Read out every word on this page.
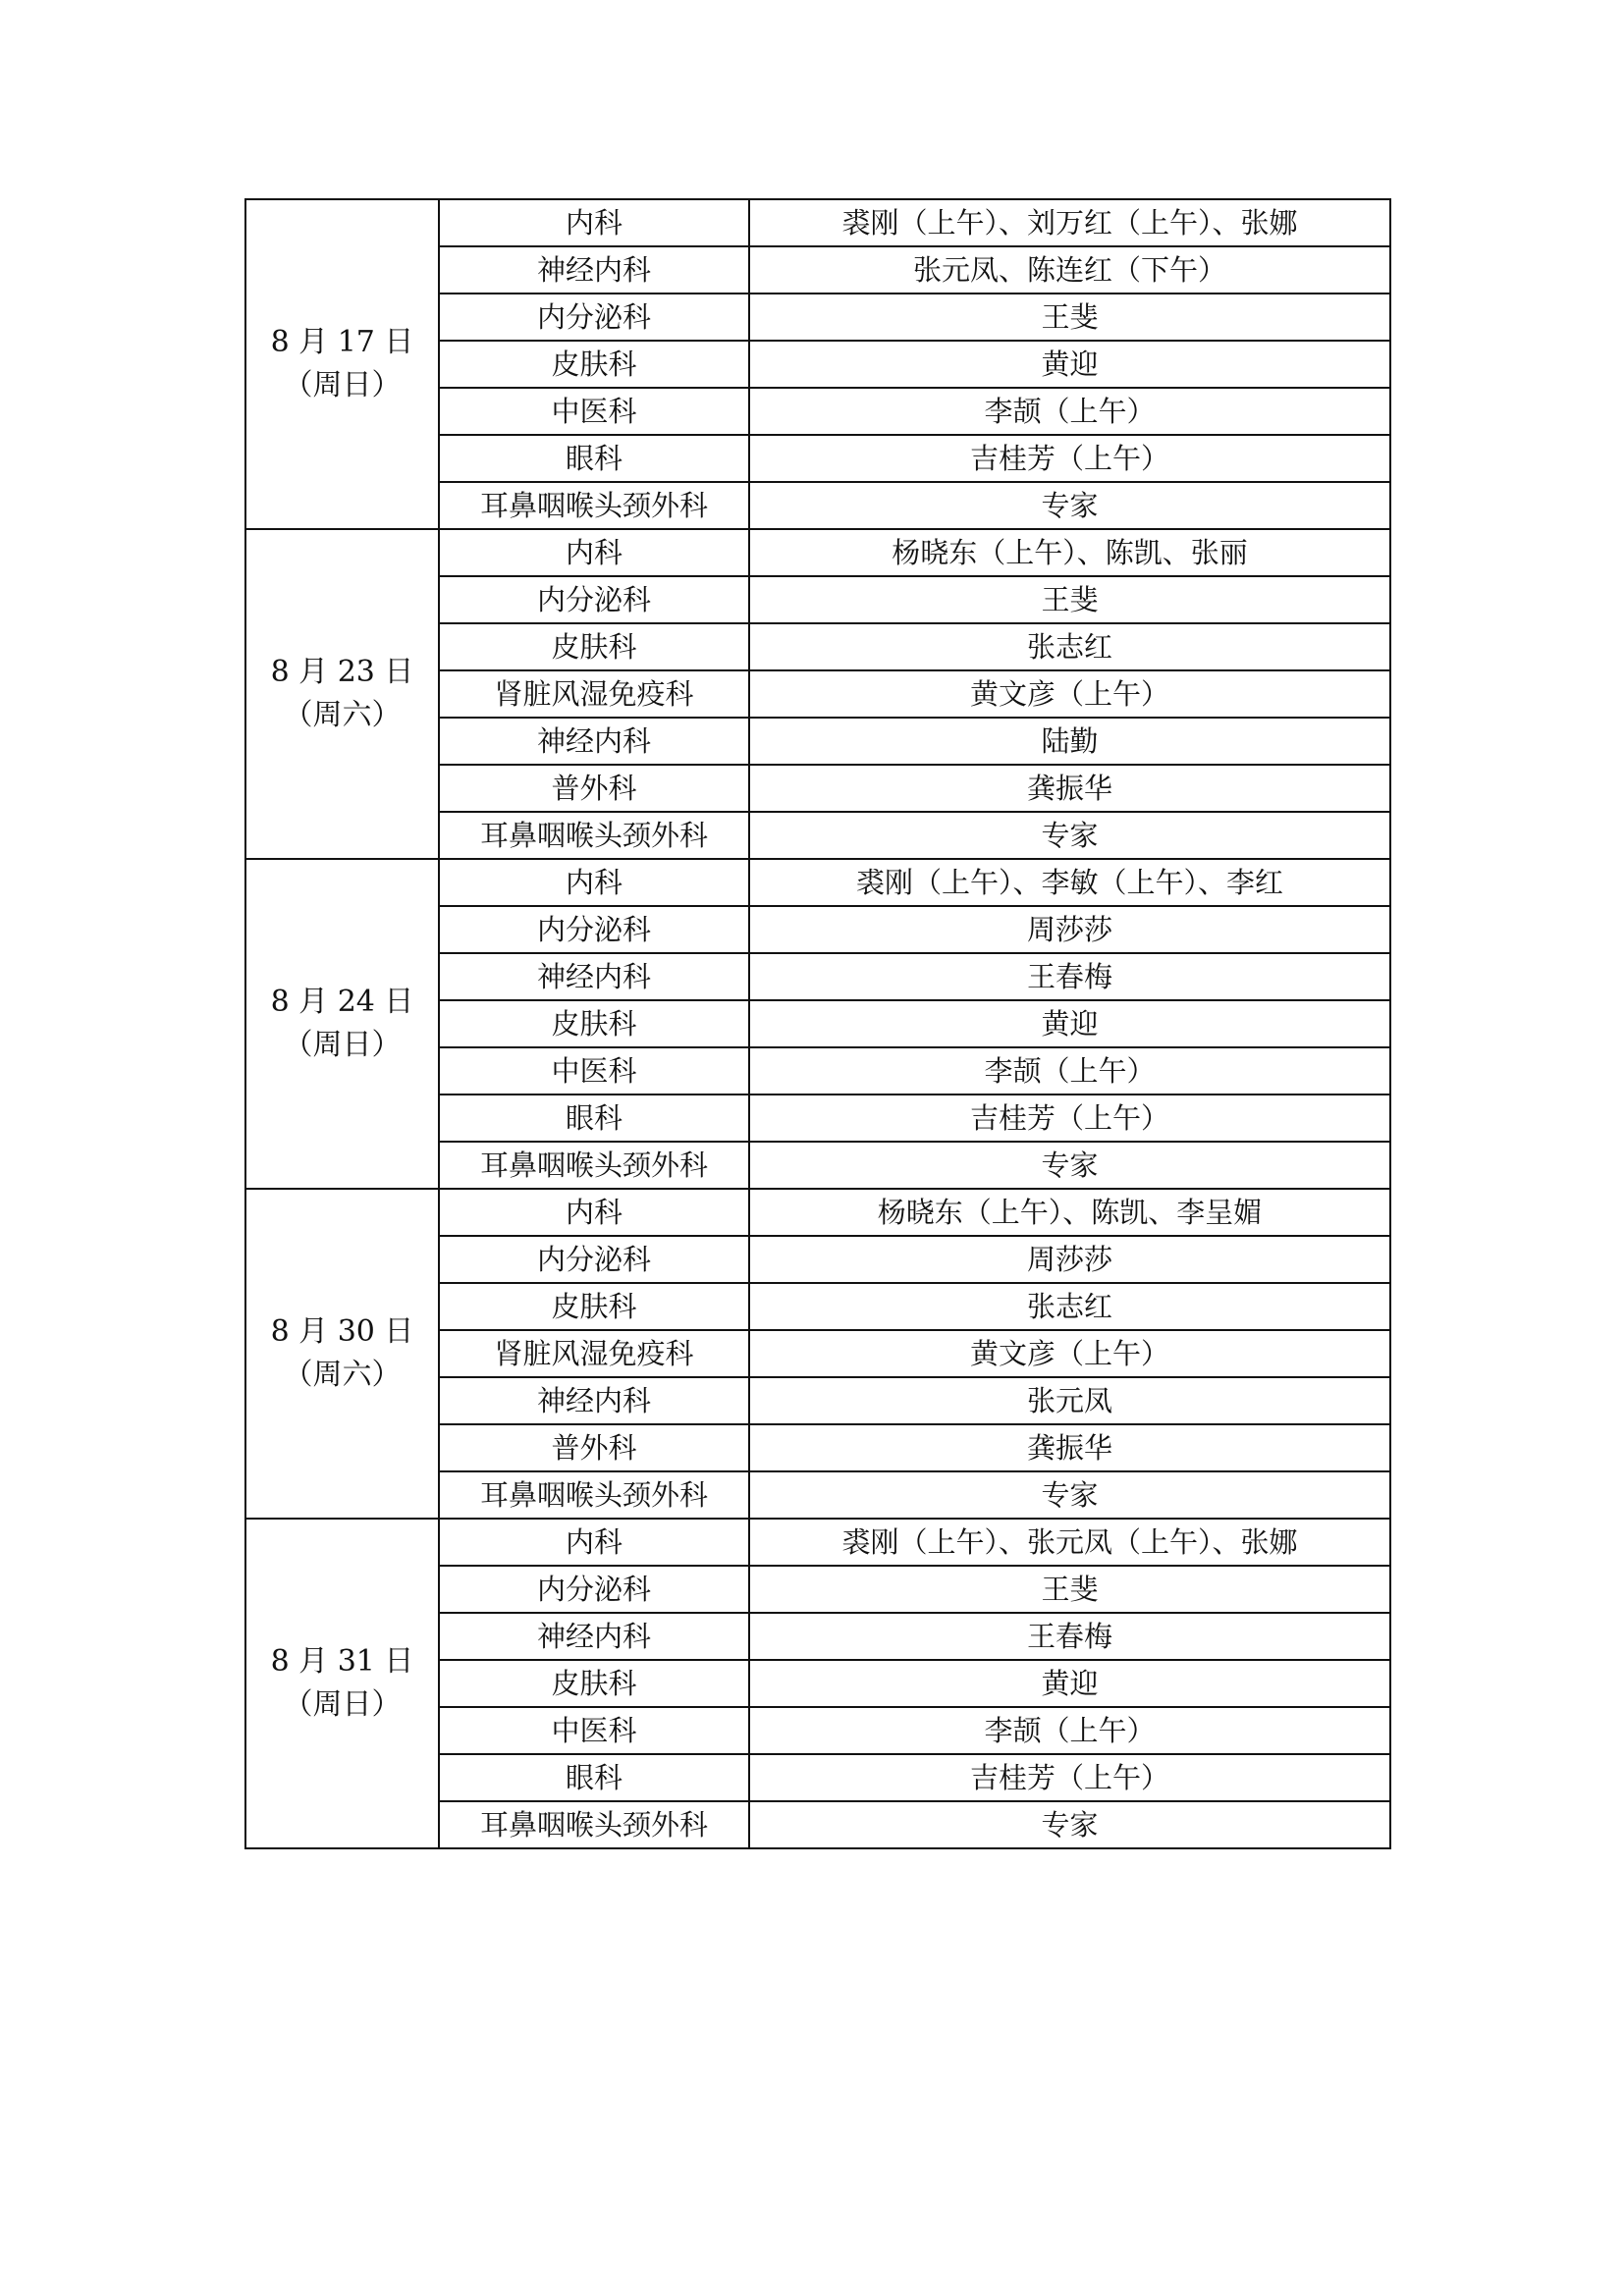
8 月 17 日
（周日）	内科	裘刚（上午）、刘万红（上午）、张娜
	神经内科	张元凤、陈连红（下午）
	内分泌科	王斐
	皮肤科	黄迎
	中医科	李颉（上午）
	眼科	吉桂芳（上午）
	耳鼻咽喉头颈外科	专家

8 月 23 日
（周六）	内科	杨晓东（上午）、陈凯、张丽
	内分泌科	王斐
	皮肤科	张志红
	肾脏风湿免疫科	黄文彦（上午）
	神经内科	陆勤
	普外科	龚振华
	耳鼻咽喉头颈外科	专家

8 月 24 日
（周日）	内科	裘刚（上午）、李敏（上午）、李红
	内分泌科	周莎莎
	神经内科	王春梅
	皮肤科	黄迎
	中医科	李颉（上午）
	眼科	吉桂芳（上午）
	耳鼻咽喉头颈外科	专家

8 月 30 日
（周六）	内科	杨晓东（上午）、陈凯、李呈媚
	内分泌科	周莎莎
	皮肤科	张志红
	肾脏风湿免疫科	黄文彦（上午）
	神经内科	张元凤
	普外科	龚振华
	耳鼻咽喉头颈外科	专家

8 月 31 日
（周日）	内科	裘刚（上午）、张元凤（上午）、张娜
	内分泌科	王斐
	神经内科	王春梅
	皮肤科	黄迎
	中医科	李颉（上午）
	眼科	吉桂芳（上午）
	耳鼻咽喉头颈外科	专家
